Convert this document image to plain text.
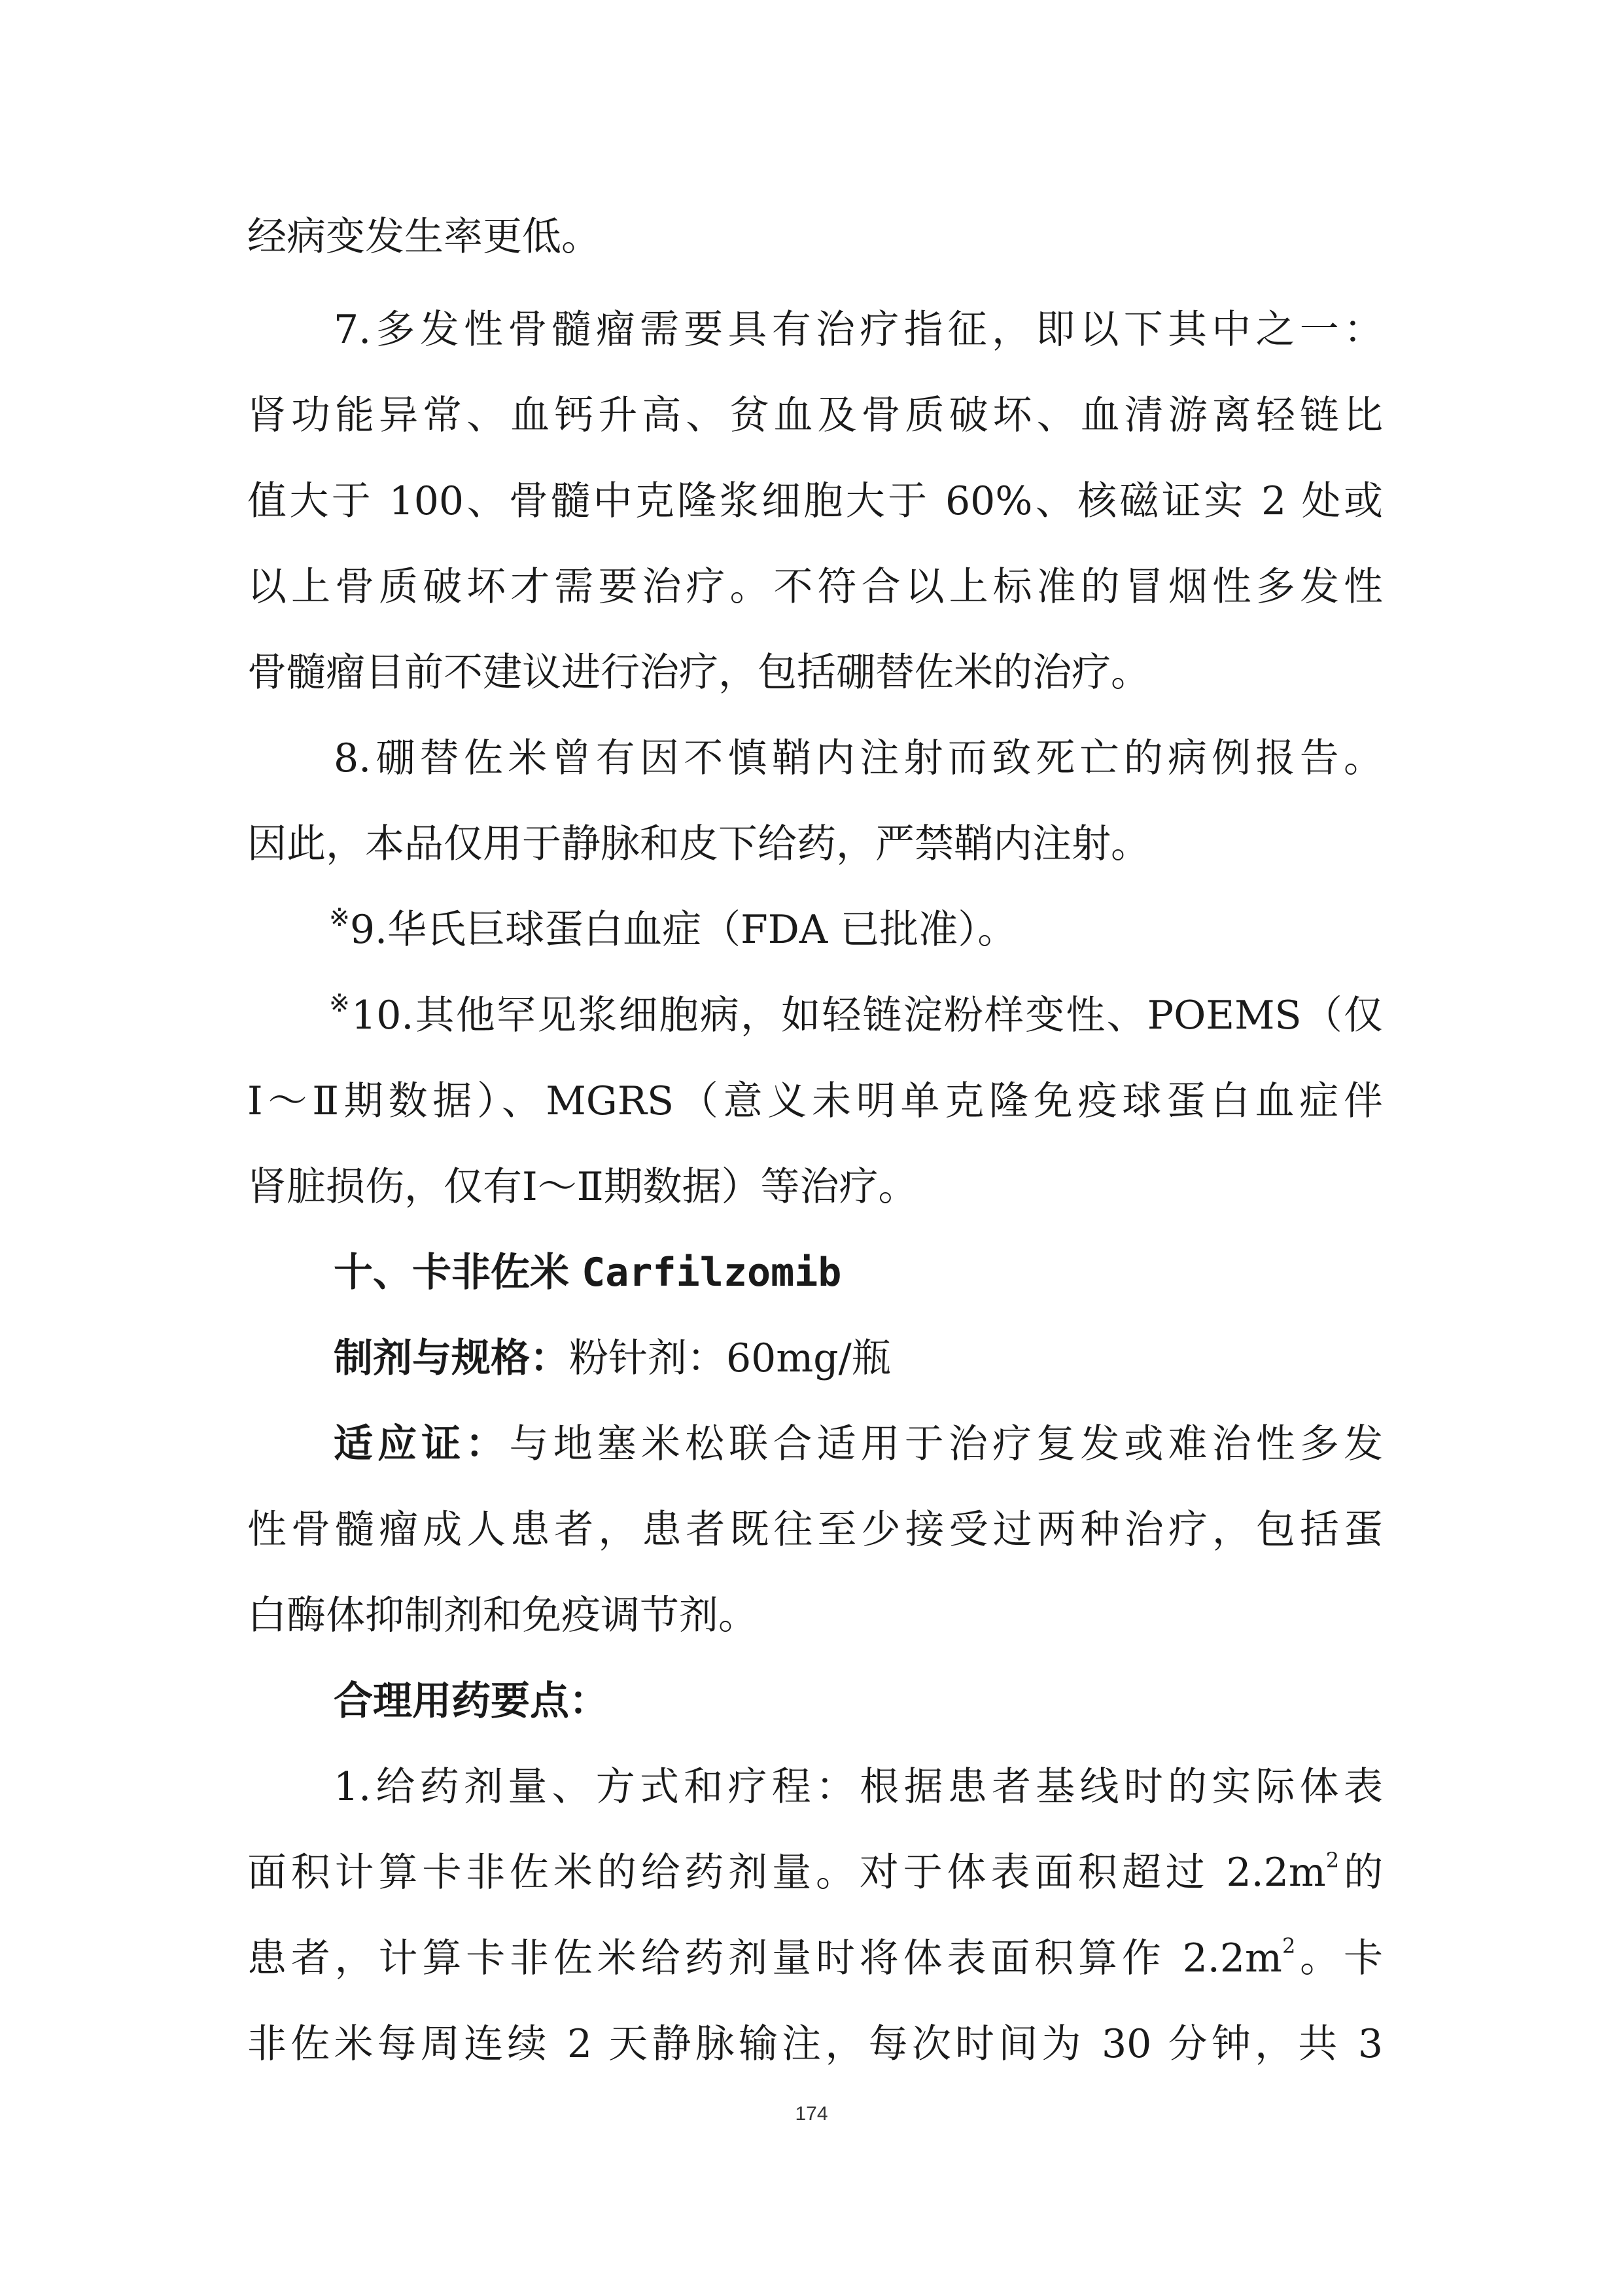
经病变发生率更低。
7.多发性骨髓瘤需要具有治疗指征，即以下其中之一：
肾功能异常、血钙升高、贫血及骨质破坏、血清游离轻链比
值大于 100、骨髓中克隆浆细胞大于 60%、核磁证实 2 处或
以上骨质破坏才需要治疗。不符合以上标准的冒烟性多发性
骨髓瘤目前不建议进行治疗，包括硼替佐米的治疗。
8.硼替佐米曾有因不慎鞘内注射而致死亡的病例报告。
因此，本品仅用于静脉和皮下给药，严禁鞘内注射。
※9.华氏巨球蛋白血症（FDA 已批准）。
※10.其他罕见浆细胞病，如轻链淀粉样变性、POEMS（仅
Ⅰ～Ⅱ期数据）、MGRS（意义未明单克隆免疫球蛋白血症伴
肾脏损伤，仅有Ⅰ～Ⅱ期数据）等治疗。
十、卡非佐米 Carfilzomib
制剂与规格：粉针剂：60mg/瓶
适应证：与地塞米松联合适用于治疗复发或难治性多发
性骨髓瘤成人患者，患者既往至少接受过两种治疗，包括蛋
白酶体抑制剂和免疫调节剂。
合理用药要点：
1.给药剂量、方式和疗程：根据患者基线时的实际体表
面积计算卡非佐米的给药剂量。对于体表面积超过 $2.2m^2$的
患者，计算卡非佐米给药剂量时将体表面积算作 $2.2m^2$。卡
非佐米每周连续 2 天静脉输注，每次时间为 30 分钟，共 3
174
